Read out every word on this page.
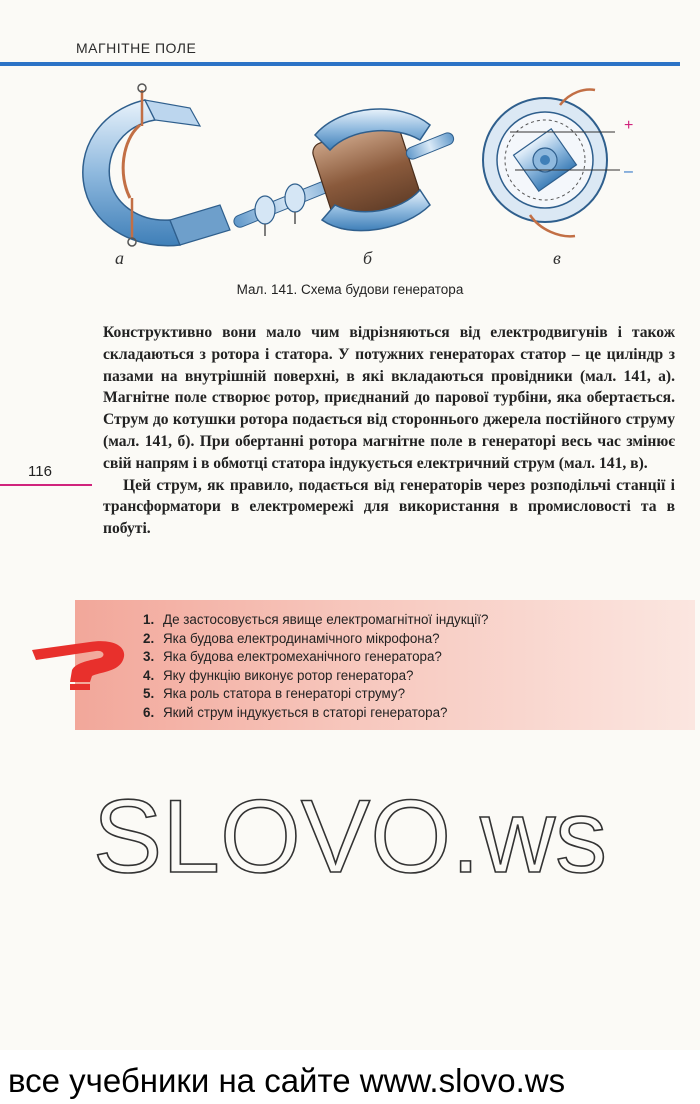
МАГНІТНЕ ПОЛЕ
+
–
а	б	в
Мал. 141. Схема будови генератора

Конструктивно вони мало чим відрізняються від електродвигунів і також складаються з ротора і статора. У потужних генераторах статор – це циліндр з пазами на внутрішній поверхні, в які вкладаються провідники (мал. 141, а). Магнітне поле створює ротор, приєднаний до парової турбіни, яка обертається. Струм до котушки ротора подається від стороннього джерела постійного струму (мал. 141, б). При обертанні ротора магнітне поле в генераторі весь час змінює свій напрям і в обмотці статора індукується електричний струм (мал. 141, в).

Цей струм, як правило, подається від генераторів через розподільчі станції і трансформатори в електромережі для використання в промисловості та в побуті.

116
1. Де застосовується явище електромагнітної індукції?
2. Яка будова електродинамічного мікрофона?
3. Яка будова електромеханічного генератора?
4. Яку функцію виконує ротор генератора?
5. Яка роль статора в генераторі струму?
6. Який струм індукується в статорі генератора?
SLOVO.ws
все учебники на сайте www.slovo.ws
